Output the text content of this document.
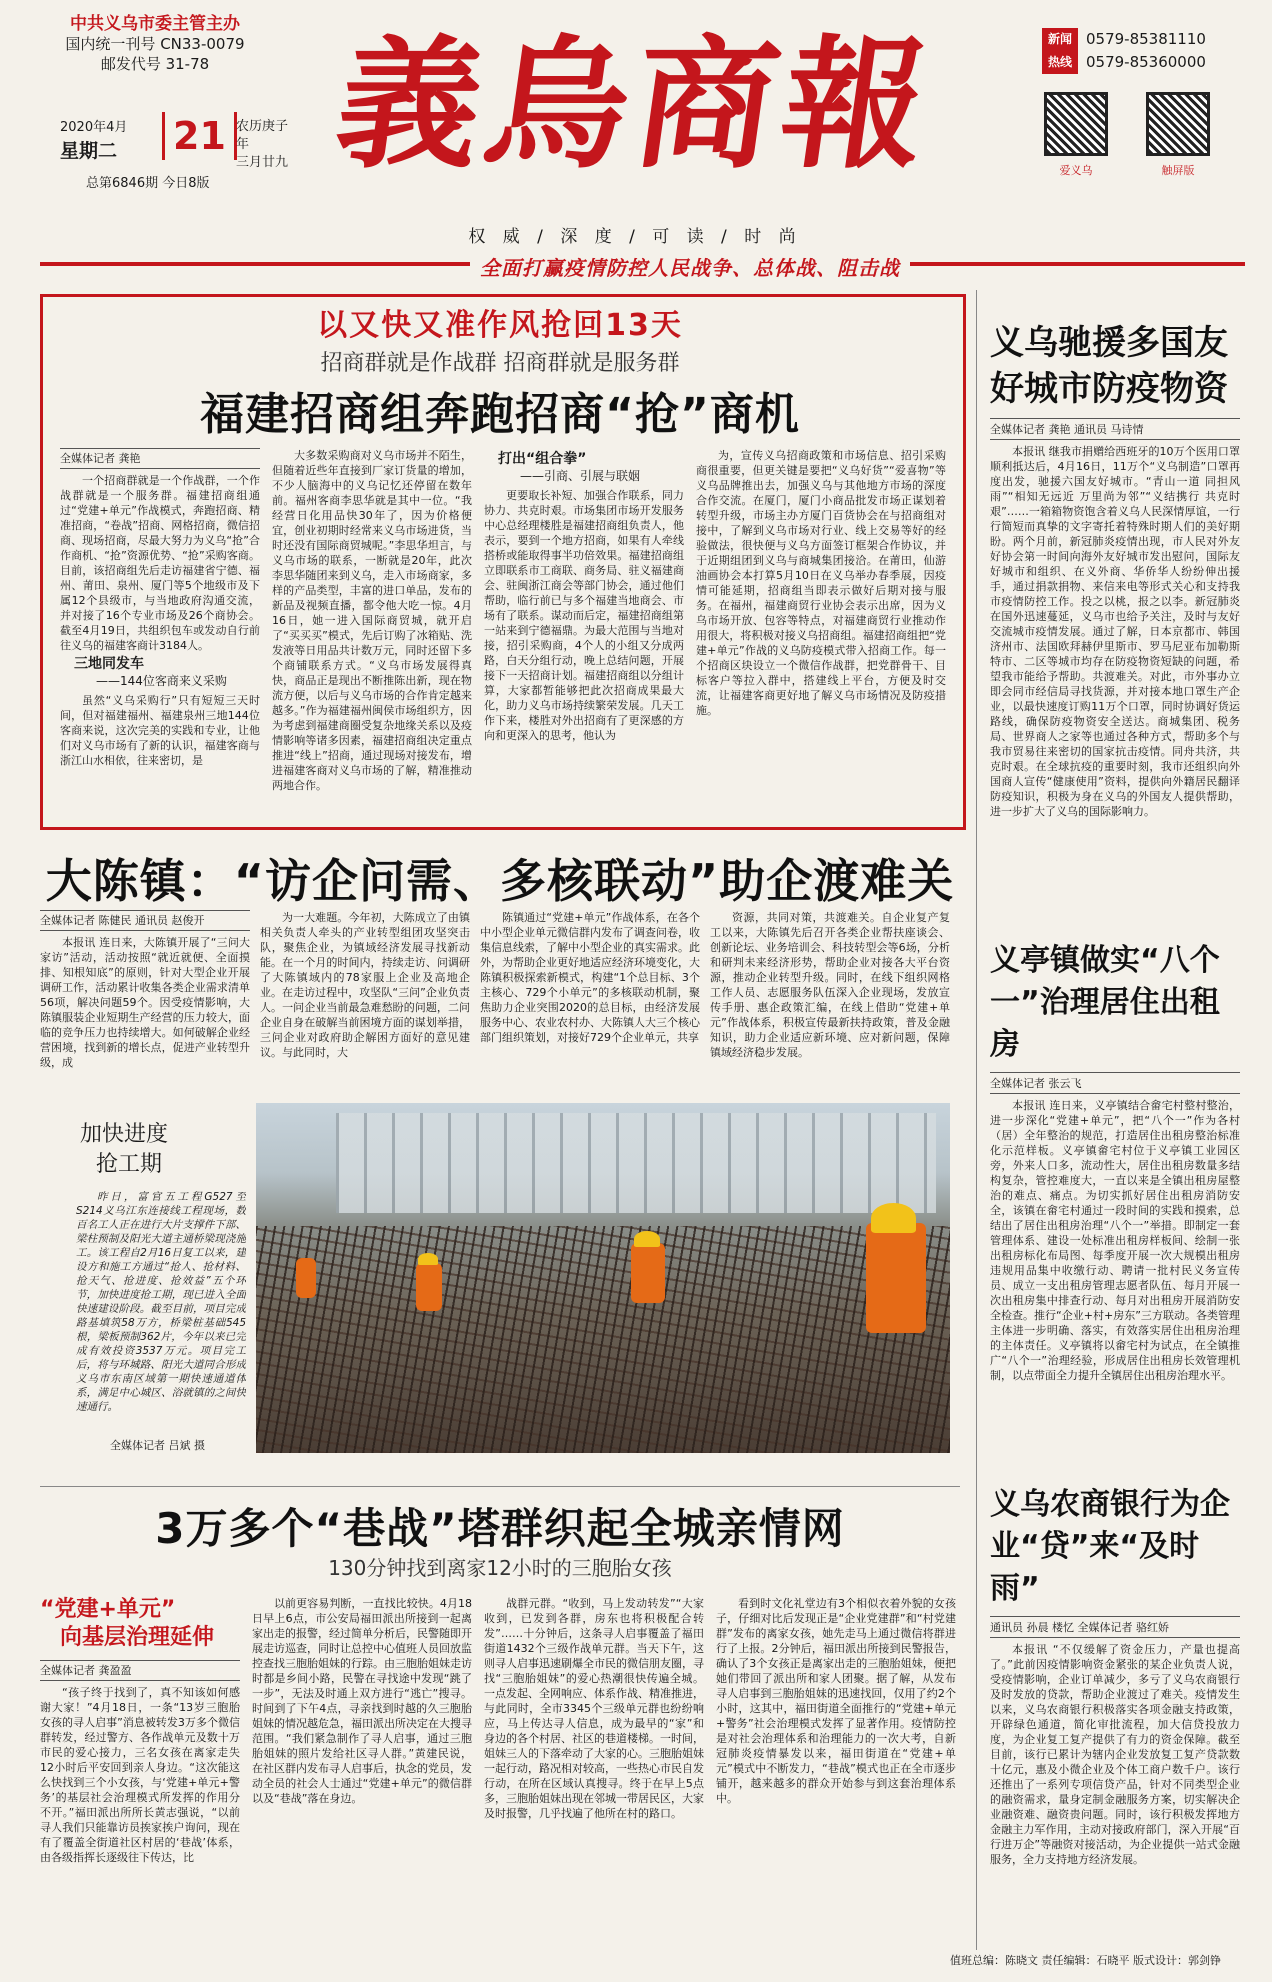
中共义乌市委主管主办
国内统一刊号 CN33-0079
邮发代号 31-78
2020年4月
星期二 21 农历庚子年
三月廿九
总第6846期 今日8版 義烏商報
权 威 / 深 度 / 可 读 / 时 尚
新闻
热线
0579-85381110
0579-85360000
爱义乌	触屏版
全面打赢疫情防控人民战争、总体战、阻击战
以又快又准作风抢回13天
招商群就是作战群 招商群就是服务群
福建招商组奔跑招商“抢”商机
全媒体记者 龚艳

一个招商群就是一个作战群，一个作战群就是一个服务群。福建招商组通过“党建+单元”作战模式，奔跑招商、精准招商，“卷战”招商、网格招商，微信招商、现场招商，尽最大努力为义乌“抢”合作商机、“抢”资源优势、“抢”采购客商。目前，该招商组先后走访福建省宁德、福州、莆田、泉州、厦门等5个地级市及下属12个县级市，与当地政府沟通交流，并对接了16个专业市场及26个商协会。截至4月19日，共组织包车或发动自行前往义乌的福建客商计3184人。

三地同发车
——144位客商来义采购

虽然“义乌采购行”只有短短三天时间，但对福建福州、福建泉州三地144位客商来说，这次完美的实践和专业，让他们对义乌市场有了新的认识，福建客商与浙江山水相依，往来密切，是

大多数采购商对义乌市场并不陌生，但随着近些年直接到厂家订货量的增加，不少人脑海中的义乌记忆还停留在数年前。福州客商李思华就是其中一位。“我经营日化用品快30年了，因为价格便宜，创业初期时经常来义乌市场进货，当时还没有国际商贸城呢。”李思华坦言，与义乌市场的联系，一断就是20年，此次李思华随团来到义乌，走入市场商家，多样的产品类型，丰富的进口单品，发布的新品及视频直播，都令他大吃一惊。4月16日，她一进入国际商贸城，就开启了“买买买”模式，先后订购了冰箱贴、洗发液等日用品共计数万元，同时还留下多个商铺联系方式。“义乌市场发展得真快，商品正是现出不断推陈出新，现在物流方便，以后与义乌市场的合作肯定越来越多。”作为福建福州闽侯市场组织方，因为考虑到福建商圈受复杂地缘关系以及疫情影响等诸多因素，福建招商组决定重点推进“线上”招商，通过现场对接发布，增进福建客商对义乌市场的了解，精准推动两地合作。

打出“组合拳”
——引商、引展与联姻

更要取长补短、加强合作联系，同力协力、共克时艰。市场集团市场开发服务中心总经理楼胜是福建招商组负责人，他表示，要到一个地方招商，如果有人牵线搭桥或能取得事半功倍效果。福建招商组立即联系市工商联、商务局、驻义福建商会、驻闽浙江商会等部门协会，通过他们帮助，临行前已与多个福建当地商会、市场有了联系。谋动而后定，福建招商组第一站来到宁德福鼎。为最大范围与当地对接，招引采购商，4个人的小组又分成两路，白天分组行动，晚上总结问题，开展接下一天招商计划。福建招商组以分组计算，大家都暂能够把此次招商成果最大化，助力义乌市场持续繁荣发展。几天工作下来，楼胜对外出招商有了更深感的方向和更深入的思考，他认为

为，宣传义乌招商政策和市场信息、招引采购商很重要，但更关键是要把“义乌好货”“爱喜物”等义乌品牌推出去，加强义乌与其他地方市场的深度合作交流。在厦门，厦门小商品批发市场正谋划着转型升级，市场主办方厦门百货协会在与招商组对接中，了解到义乌市场对行业、线上交易等好的经验做法，很快便与义乌方面签订框架合作协议，并于近期组团到义乌与商城集团接洽。在莆田，仙游油画协会本打算5月10日在义乌举办春季展，因疫情可能延期，招商组当即表示做好后期对接与服务。在福州，福建商贸行业协会表示出席，因为义乌市场开放、包容等特点，对福建商贸行业推动作用很大，将积极对接义乌招商组。福建招商组把“党建+单元”作战的义乌防疫模式带入招商工作。每一个招商区块设立一个微信作战群，把党群骨干、目标客户等拉入群中，搭建线上平台，方便及时交流，让福建客商更好地了解义乌市场情况及防疫措施。

大陈镇：“访企问需、多核联动”助企渡难关
全媒体记者 陈健民 通讯员 赵俊开

本报讯 连日来，大陈镇开展了“三问大家访”活动，活动按照“就近就便、全面摸排、知根知底”的原则，针对大型企业开展调研工作，活动累计收集各类企业需求清单56项，解决问题59个。因受疫情影响，大陈镇服装企业短期生产经营的压力较大，面临的竞争压力也持续增大。如何破解企业经营困境，找到新的增长点，促进产业转型升级，成

为一大难题。今年初，大陈成立了由镇相关负责人牵头的产业转型组团攻坚突击队，聚焦企业，为镇域经济发展寻找新动能。在一个月的时间内，持续走访、问调研了大陈镇域内的78家服上企业及高地企业。在走访过程中，攻坚队“三问”企业负责人。一问企业当前最急难愁盼的问题，二问企业自身在破解当前困境方面的谋划举措，三问企业对政府助企解困方面好的意见建议。与此同时，大

陈镇通过“党建+单元”作战体系，在各个中小型企业单元微信群内发布了调查问卷，收集信息线索，了解中小型企业的真实需求。此外，为帮助企业更好地适应经济环境变化，大陈镇积极探索新模式，构建“1个总目标、3个主核心、729个小单元”的多核联动机制，聚焦助力企业突围2020的总目标，由经济发展服务中心、农业农村办、大陈镇人大三个核心部门组织策划，对接好729个企业单元，共享

资源，共同对策，共渡难关。自企业复产复工以来，大陈镇先后召开各类企业帮扶座谈会、创新论坛、业务培训会、科技转型会等6场，分析和研判未来经济形势，帮助企业对接各大平台资源，推动企业转型升级。同时，在线下组织网格工作人员、志愿服务队伍深入企业现场，发放宣传手册、惠企政策汇编，在线上借助“党建+单元”作战体系，积极宣传最新扶持政策，普及金融知识，助力企业适应新环境、应对新问题，保障镇域经济稳步发展。

加快进度
抢工期

昨日，富官五工程G527至S214义乌江东连接线工程现场，数百名工人正在进行大片支撑件下部、梁柱预制及阳光大道主通桥梁现浇施工。该工程自2月16日复工以来，建设方和施工方通过“抢人、抢材料、抢天气、抢进度、抢效益”五个环节，加快进度抢工期，现已进入全面快速建设阶段。截至目前，项目完成路基填筑58万方，桥梁桩基础545根，梁板预制362片，今年以来已完成有效投资3537万元。项目完工后，将与环城路、阳光大道同合形成义乌市东南区域第一期快速通道体系，满足中心城区、浴就镇的之间快速通行。

全媒体记者 吕斌 摄
3万多个“巷战”塔群织起全城亲情网
130分钟找到离家12小时的三胞胎女孩
“党建+单元”
向基层治理延伸
全媒体记者 龚盈盈

“孩子终于找到了，真不知该如何感谢大家！”4月18日，一条“13岁三胞胎女孩的寻人启事”消息被转发3万多个微信群转发，经过警方、各作战单元及数十万市民的爱心接力，三名女孩在离家走失12小时后平安回到亲人身边。“这次能这么快找到三个小女孩，与‘党建+单元+警务’的基层社会治理模式所发挥的作用分不开。”福田派出所所长黄志强说，“以前寻人我们只能靠访员挨家挨户询问，现在有了覆盖全街道社区村居的‘巷战’体系，由各级指挥长逐级往下传达，比

以前更容易判断，一直找比较快。4月18日早上6点，市公安局福田派出所接到一起离家出走的报警，经过简单分析后，民警随即开展走访巡查，同时让总控中心值班人员回放监控查找三胞胎姐妹的行踪。由三胞胎姐妹走访时都是乡间小路，民警在寻找途中发现“跳了一步”，无法及时通上双方进行“逃亡”搜寻。时间到了下午4点，寻亲找到时越的久三胞胎姐妹的情况越危急，福田派出所决定在大搜寻范围。“我们紧急制作了寻人启事，通过三胞胎姐妹的照片发给社区寻人群。”黄建民说，在社区群内发布寻人启事后，执念的党员，发动全员的社会人士通过“党建+单元”的微信群以及“巷战”落在身边。

战群元群。“收到，马上发动转发”“大家收到，已发到各群，房东也将积极配合转发”……十分钟后，这条寻人启事覆盖了福田街道1432个三级作战单元群。当天下午，这则寻人启事迅速刷爆全市民的微信朋友圈，寻找“三胞胎姐妹”的爱心热潮很快传遍全城。一点发起、全网响应、体系作战、精准推进，与此同时，全市3345个三级单元群也纷纷响应，马上传达寻人信息，成为最早的“家”和身边的各个村居、社区的巷道楼梯。一时间，姐妹三人的下落牵动了大家的心。三胞胎姐妹一起行动，路况相对较高，一些热心市民自发行动，在所在区域认真搜寻。终于在早上5点多，三胞胎姐妹出现在邻城一带居民区，大家及时报警，几乎找遍了他所在村的路口。

看到时文化礼堂边有3个相似衣着外貌的女孩子，仔细对比后发现正是“企业党建群”和“村党建群”发布的离家女孩，她先走马上通过微信将群进行了上报。2分钟后，福田派出所接到民警报告，确认了3个女孩正是离家出走的三胞胎姐妹，便把她们带回了派出所和家人团聚。据了解，从发布寻人启事到三胞胎姐妹的迅速找回，仅用了约2个小时，这其中，福田街道全面推行的“党建+单元+警务”社会治理模式发挥了显著作用。疫情防控是对社会治理体系和治理能力的一次大考，自新冠肺炎疫情暴发以来，福田街道在“党建+单元”模式中不断发力，“巷战”模式也正在全市逐步铺开，越来越多的群众开始参与到这套治理体系中。

义乌驰援多国友好城市防疫物资
全媒体记者 龚艳 通讯员 马诗情

本报讯 继我市捐赠给西班牙的10万个医用口罩顺利抵达后，4月16日，11万个“义乌制造”口罩再度出发，驰援六国友好城市。“青山一道 同担风雨”“相知无远近 万里尚为邻”“义结携行 共克时艰”……一箱箱物资饱含着义乌人民深情厚谊，一行行简短而真挚的文字寄托着特殊时期人们的美好期盼。两个月前，新冠肺炎疫情出现，市人民对外友好协会第一时间向海外友好城市发出慰问，国际友好城市和组织、在义外商、华侨华人纷纷伸出援手，通过捐款捐物、来信来电等形式关心和支持我市疫情防控工作。投之以桃，报之以李。新冠肺炎在国外迅速蔓延，义乌市也给予关注，及时与友好交流城市疫情发展。通过了解，日本京都市、韩国济州市、法国欧拜赫伊里斯市、罗马尼亚布加勒斯特市、二区等城市均存在防疫物资短缺的问题，希望我市能给予帮助。共渡难关。对此，市外事办立即会同市经信局寻找货源，并对接本地口罩生产企业，以最快速度订购11万个口罩，同时协调好货运路线，确保防疫物资安全送达。商城集团、税务局、世界商人之家等也通过各种方式，帮助多个与我市贸易往来密切的国家抗击疫情。同舟共济，共克时艰。在全球抗疫的重要时刻，我市还组织向外国商人宣传“健康使用”资料，提供向外籍居民翻译防疫知识，积极为身在义乌的外国友人提供帮助，进一步扩大了义乌的国际影响力。

义亭镇做实“八个一”治理居住出租房
全媒体记者 张云飞

本报讯 连日来，义亭镇结合畲宅村整村整治，进一步深化“党建+单元”，把“八个一”作为各村（居）全年整治的规范，打造居住出租房整治标准化示范样板。义亭镇畲宅村位于义亭镇工业园区旁，外来人口多，流动性大，居住出租房数量多结构复杂，管控难度大，一直以来是全镇出租房屋整治的难点、痛点。为切实抓好居住出租房消防安全，该镇在畲宅村通过一段时间的实践和摸索，总结出了居住出租房治理“八个一”举措。即制定一套管理体系、建设一处标准出租房样板间、绘制一张出租房标化布局图、每季度开展一次大规模出租房违规用品集中收缴行动、聘请一批村民义务宣传员、成立一支出租房管理志愿者队伍、每月开展一次出租房集中排查行动、每月对出租房开展消防安全检查。推行“企业+村+房东”三方联动。各类管理主体进一步明确、落实，有效落实居住出租房治理的主体责任。义亭镇将以畲宅村为试点，在全镇推广“八个一”治理经验，形成居住出租房长效管理机制，以点带面全力提升全镇居住出租房治理水平。

义乌农商银行为企业“贷”来“及时雨”
通讯员 孙晨 楼忆 全媒体记者 骆红娇

本报讯 “不仅缓解了资金压力，产量也提高了。”此前因疫情影响资金紧张的某企业负责人说，受疫情影响，企业订单减少，多亏了义乌农商银行及时发放的贷款，帮助企业渡过了难关。疫情发生以来，义乌农商银行积极落实各项金融支持政策，开辟绿色通道，简化审批流程，加大信贷投放力度，为企业复工复产提供了有力的资金保障。截至目前，该行已累计为辖内企业发放复工复产贷款数十亿元，惠及小微企业及个体工商户数千户。该行还推出了一系列专项信贷产品，针对不同类型企业的融资需求，量身定制金融服务方案，切实解决企业融资难、融资贵问题。同时，该行积极发挥地方金融主力军作用，主动对接政府部门，深入开展“百行进万企”等融资对接活动，为企业提供一站式金融服务，全力支持地方经济发展。

值班总编：陈晓文 责任编辑：石晓平 版式设计：郭剑铮
